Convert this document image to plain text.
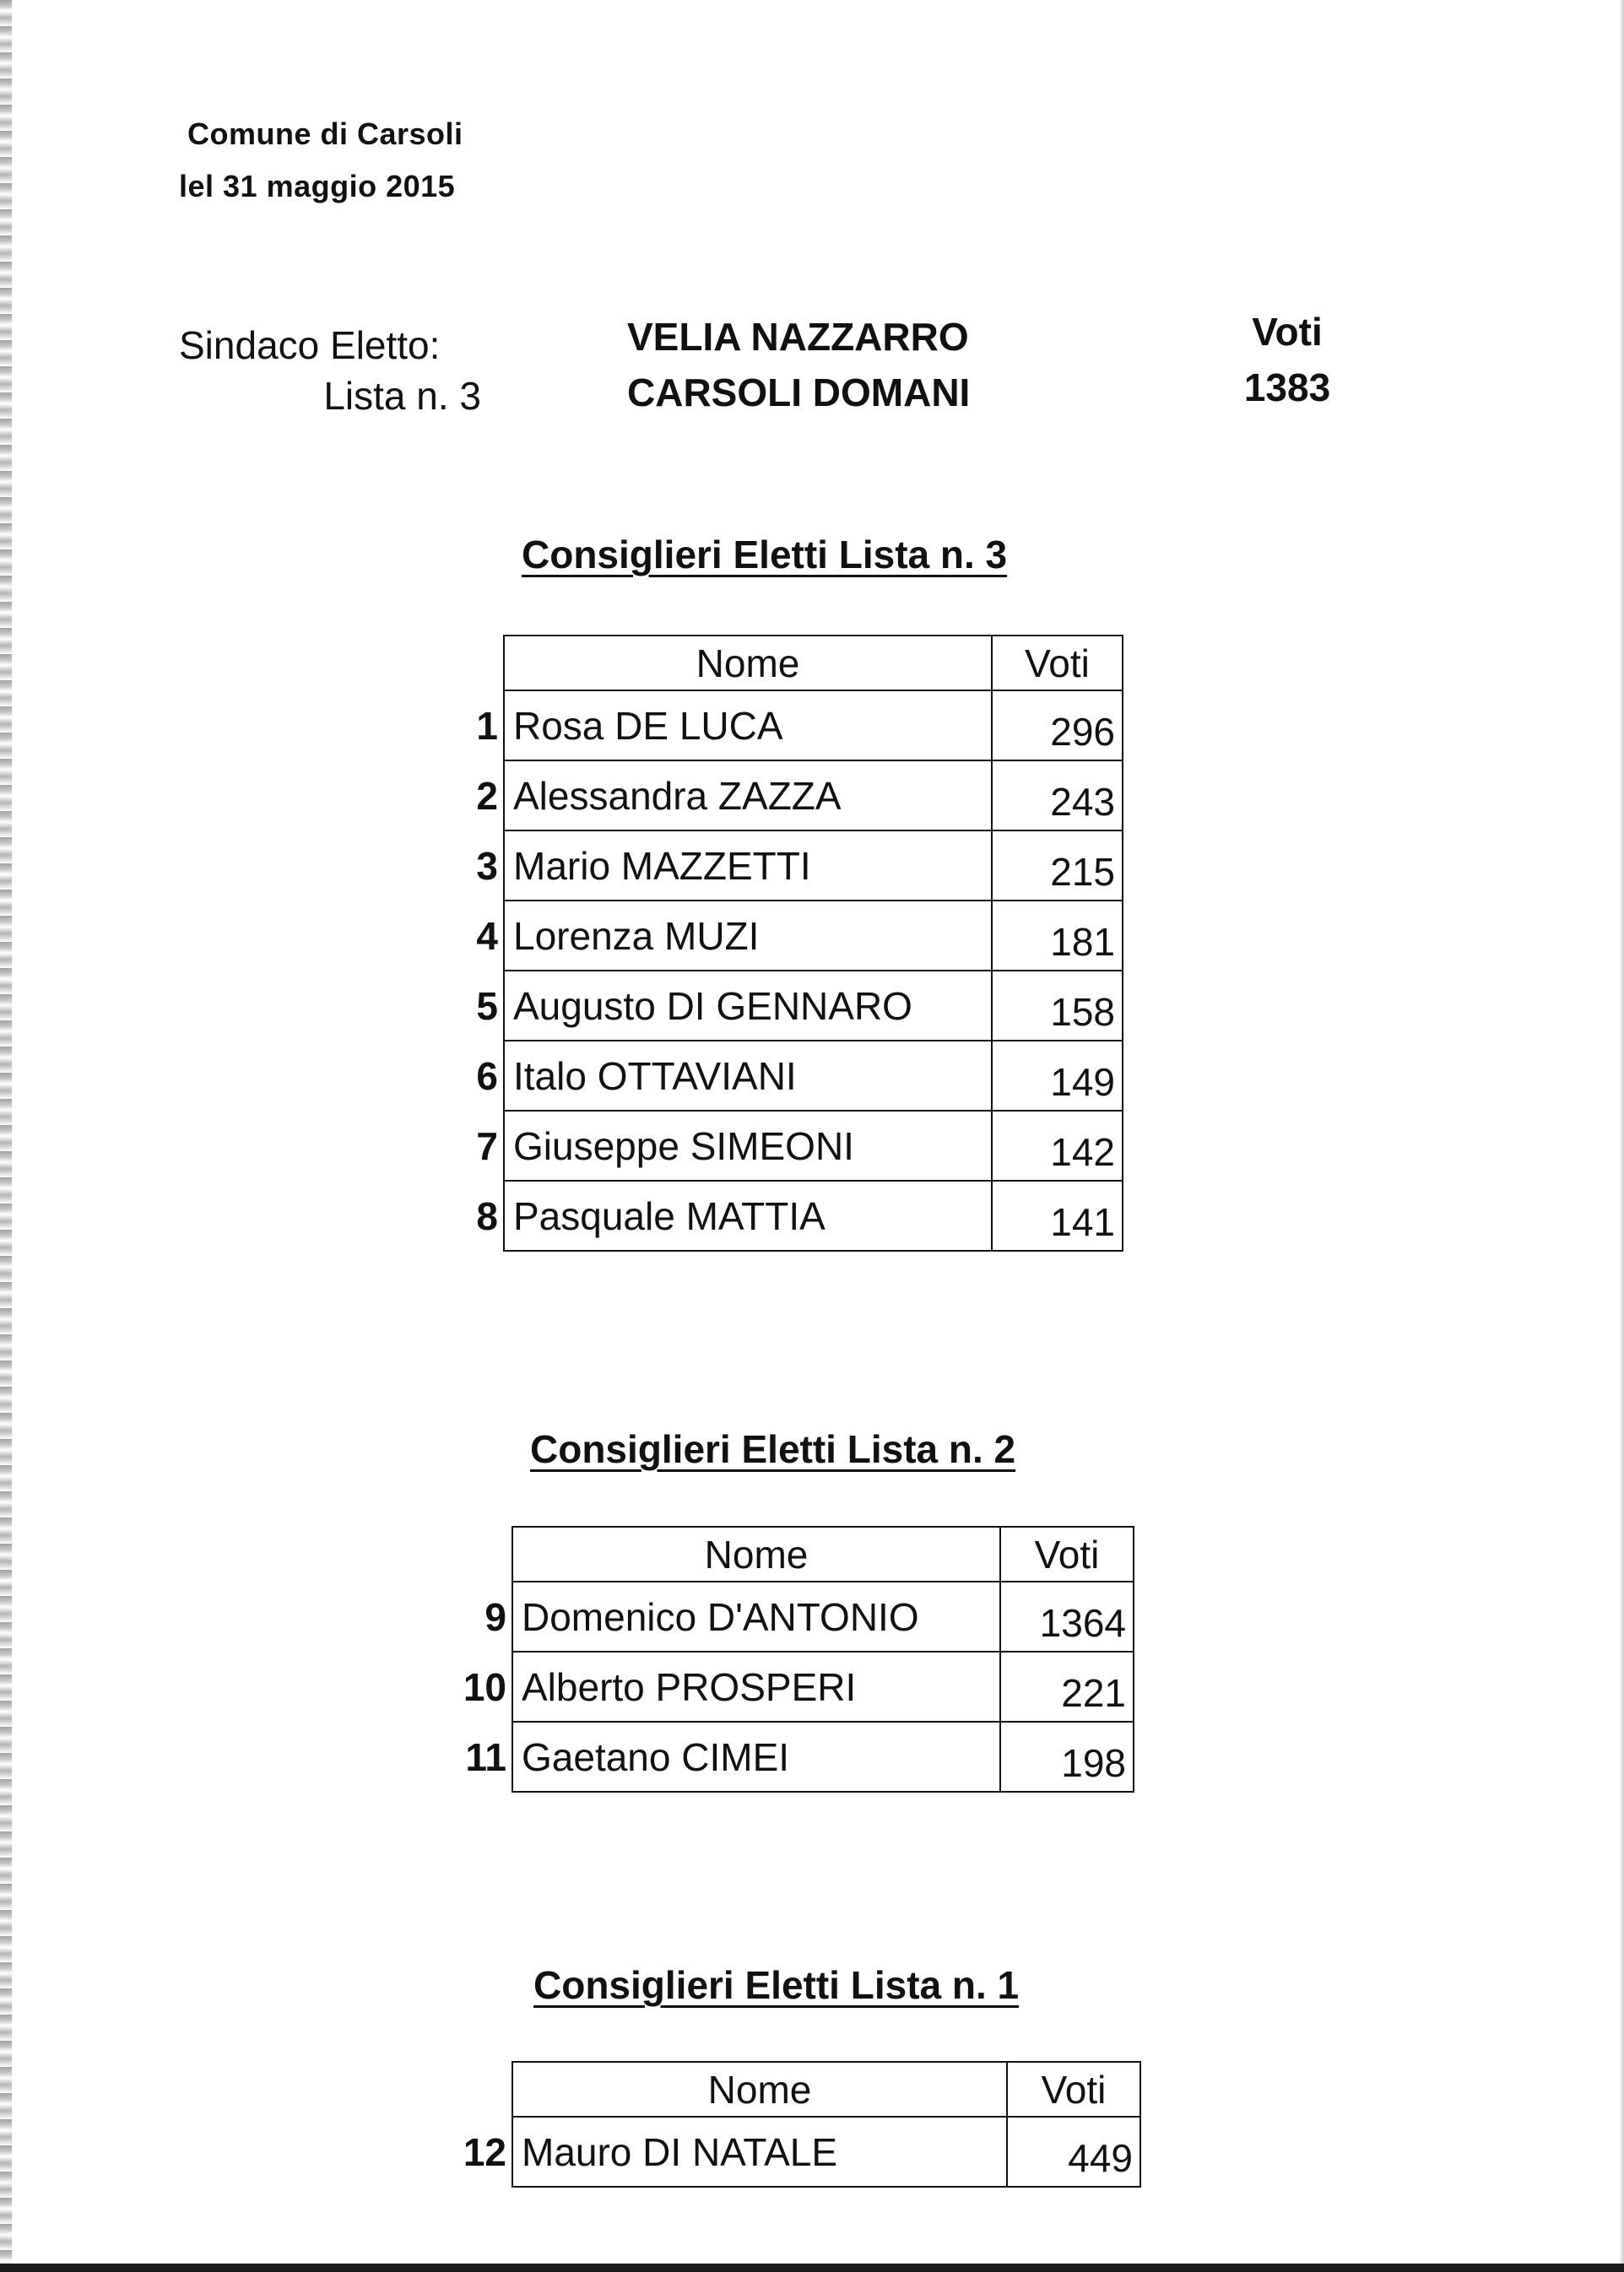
Comune di Carsoli
lel 31 maggio 2015
Sindaco Eletto:
Lista n. 3
VELIA NAZZARRO
CARSOLI DOMANI
Voti
1383
Consiglieri Eletti Lista n. 3
	Nome	Voti
1	Rosa DE LUCA	296
2	Alessandra ZAZZA	243
3	Mario MAZZETTI	215
4	Lorenza MUZI	181
5	Augusto DI GENNARO	158
6	Italo OTTAVIANI	149
7	Giuseppe SIMEONI	142
8	Pasquale MATTIA	141
Consiglieri Eletti Lista n. 2
	Nome	Voti
9	Domenico D'ANTONIO	1364
10	Alberto PROSPERI	221
11	Gaetano CIMEI	198
Consiglieri Eletti Lista n. 1
	Nome	Voti
12	Mauro DI NATALE	449
